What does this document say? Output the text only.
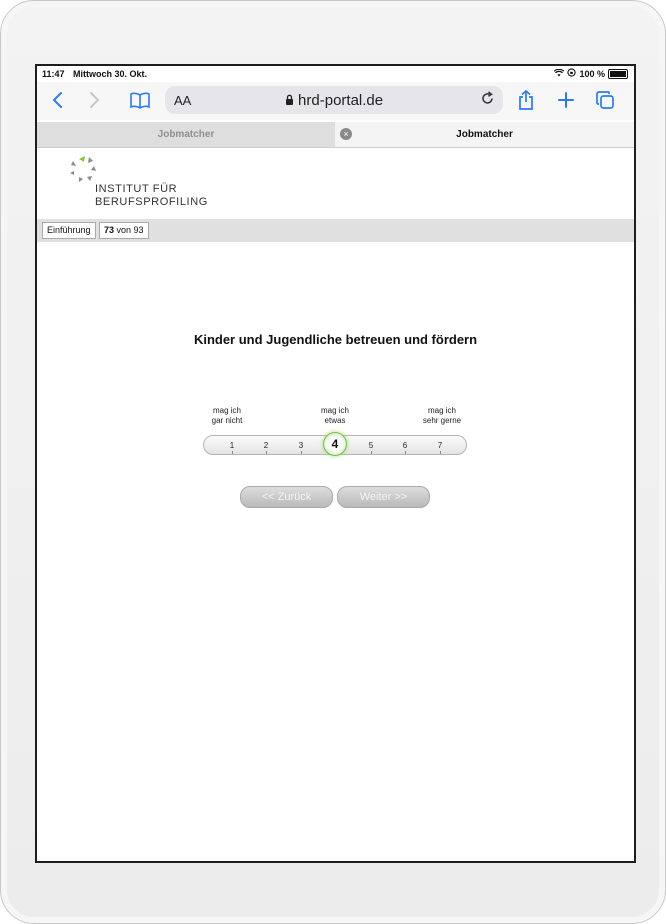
11:47 Mittwoch 30. Okt.	100 %
AA	hrd-portal.de
Jobmatcher	Jobmatcher
×
INSTITUT FÜR
BERUFSPROFILING
Einführung	73 von 93
Kinder und Jugendliche betreuen und fördern
mag ich
gar nicht
mag ich
etwas
mag ich
sehr gerne
1	2	3	5	6	7
4
<< Zurück	Weiter >>
